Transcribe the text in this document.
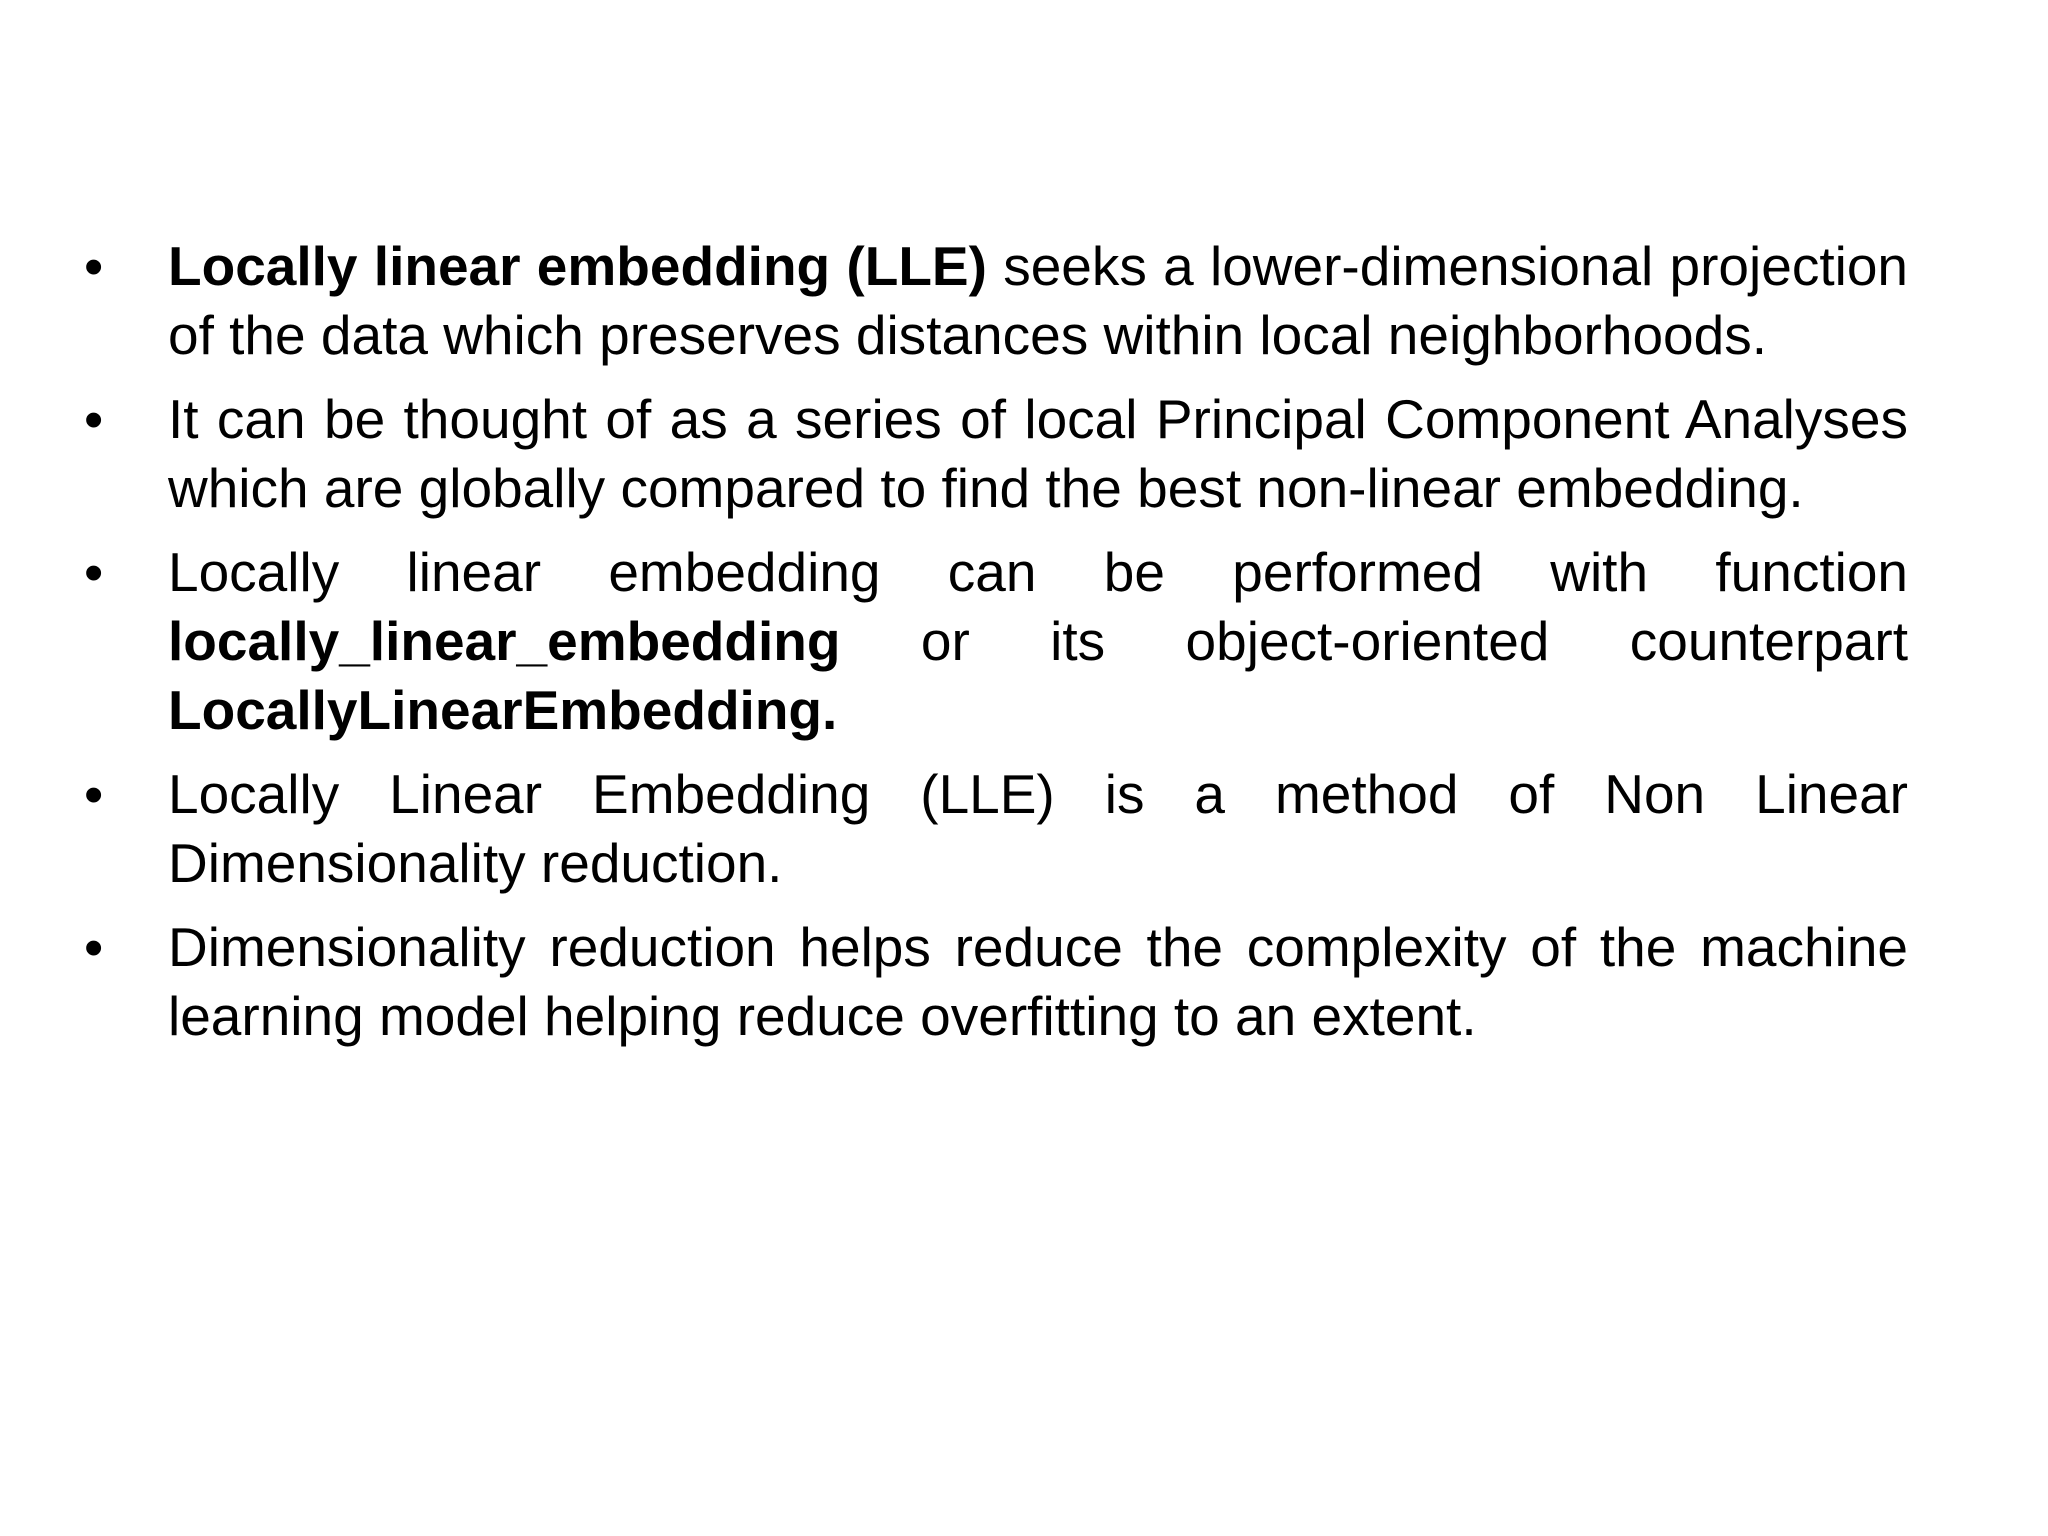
•	Locally linear embedding (LLE) seeks a lower-dimensional projection of the data which preserves distances within local neighborhoods.
•	It can be thought of as a series of local Principal Component Analyses which are globally compared to find the best non-linear embedding.
•	Locally linear embedding can be performed with function locally_linear_embedding or its object-oriented counterpart LocallyLinearEmbedding.
•	Locally Linear Embedding (LLE) is a method of Non Linear Dimensionality reduction.
•	Dimensionality reduction helps reduce the complexity of the machine learning model helping reduce overfitting to an extent.
